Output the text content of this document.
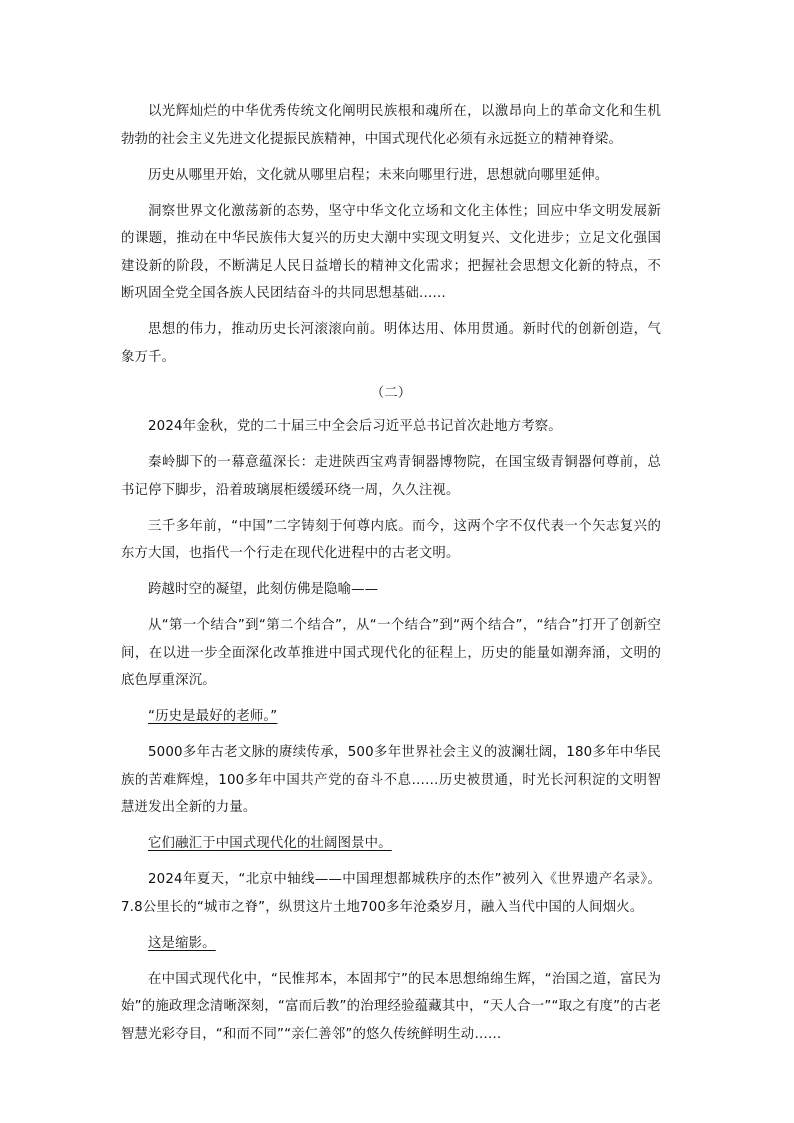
以光辉灿烂的中华优秀传统文化阐明民族根和魂所在，以激昂向上的革命文化和生机勃勃的社会主义先进文化提振民族精神，中国式现代化必须有永远挺立的精神脊梁。

历史从哪里开始，文化就从哪里启程；未来向哪里行进，思想就向哪里延伸。

洞察世界文化激荡新的态势，坚守中华文化立场和文化主体性；回应中华文明发展新的课题，推动在中华民族伟大复兴的历史大潮中实现文明复兴、文化进步；立足文化强国建设新的阶段，不断满足人民日益增长的精神文化需求；把握社会思想文化新的特点，不断巩固全党全国各族人民团结奋斗的共同思想基础……

思想的伟力，推动历史长河滚滚向前。明体达用、体用贯通。新时代的创新创造，气象万千。

（二）

2024年金秋，党的二十届三中全会后习近平总书记首次赴地方考察。

秦岭脚下的一幕意蕴深长：走进陕西宝鸡青铜器博物院，在国宝级青铜器何尊前，总书记停下脚步，沿着玻璃展柜缓缓环绕一周，久久注视。

三千多年前，“中国”二字铸刻于何尊内底。而今，这两个字不仅代表一个矢志复兴的东方大国，也指代一个行走在现代化进程中的古老文明。

跨越时空的凝望，此刻仿佛是隐喻——

从“第一个结合”到“第二个结合”，从“一个结合”到“两个结合”，“结合”打开了创新空间，在以进一步全面深化改革推进中国式现代化的征程上，历史的能量如潮奔涌，文明的底色厚重深沉。

“历史是最好的老师。”

5000多年古老文脉的赓续传承，500多年世界社会主义的波澜壮阔，180多年中华民族的苦难辉煌，100多年中国共产党的奋斗不息……历史被贯通，时光长河积淀的文明智慧迸发出全新的力量。

它们融汇于中国式现代化的壮阔图景中。

2024年夏天，“北京中轴线——中国理想都城秩序的杰作”被列入《世界遗产名录》。7.8公里长的“城市之脊”，纵贯这片土地700多年沧桑岁月，融入当代中国的人间烟火。

这是缩影。

在中国式现代化中，“民惟邦本，本固邦宁”的民本思想绵绵生辉，“治国之道，富民为始”的施政理念清晰深刻，“富而后教”的治理经验蕴藏其中，“天人合一”“取之有度”的古老智慧光彩夺目，“和而不同”“亲仁善邻”的悠久传统鲜明生动……
